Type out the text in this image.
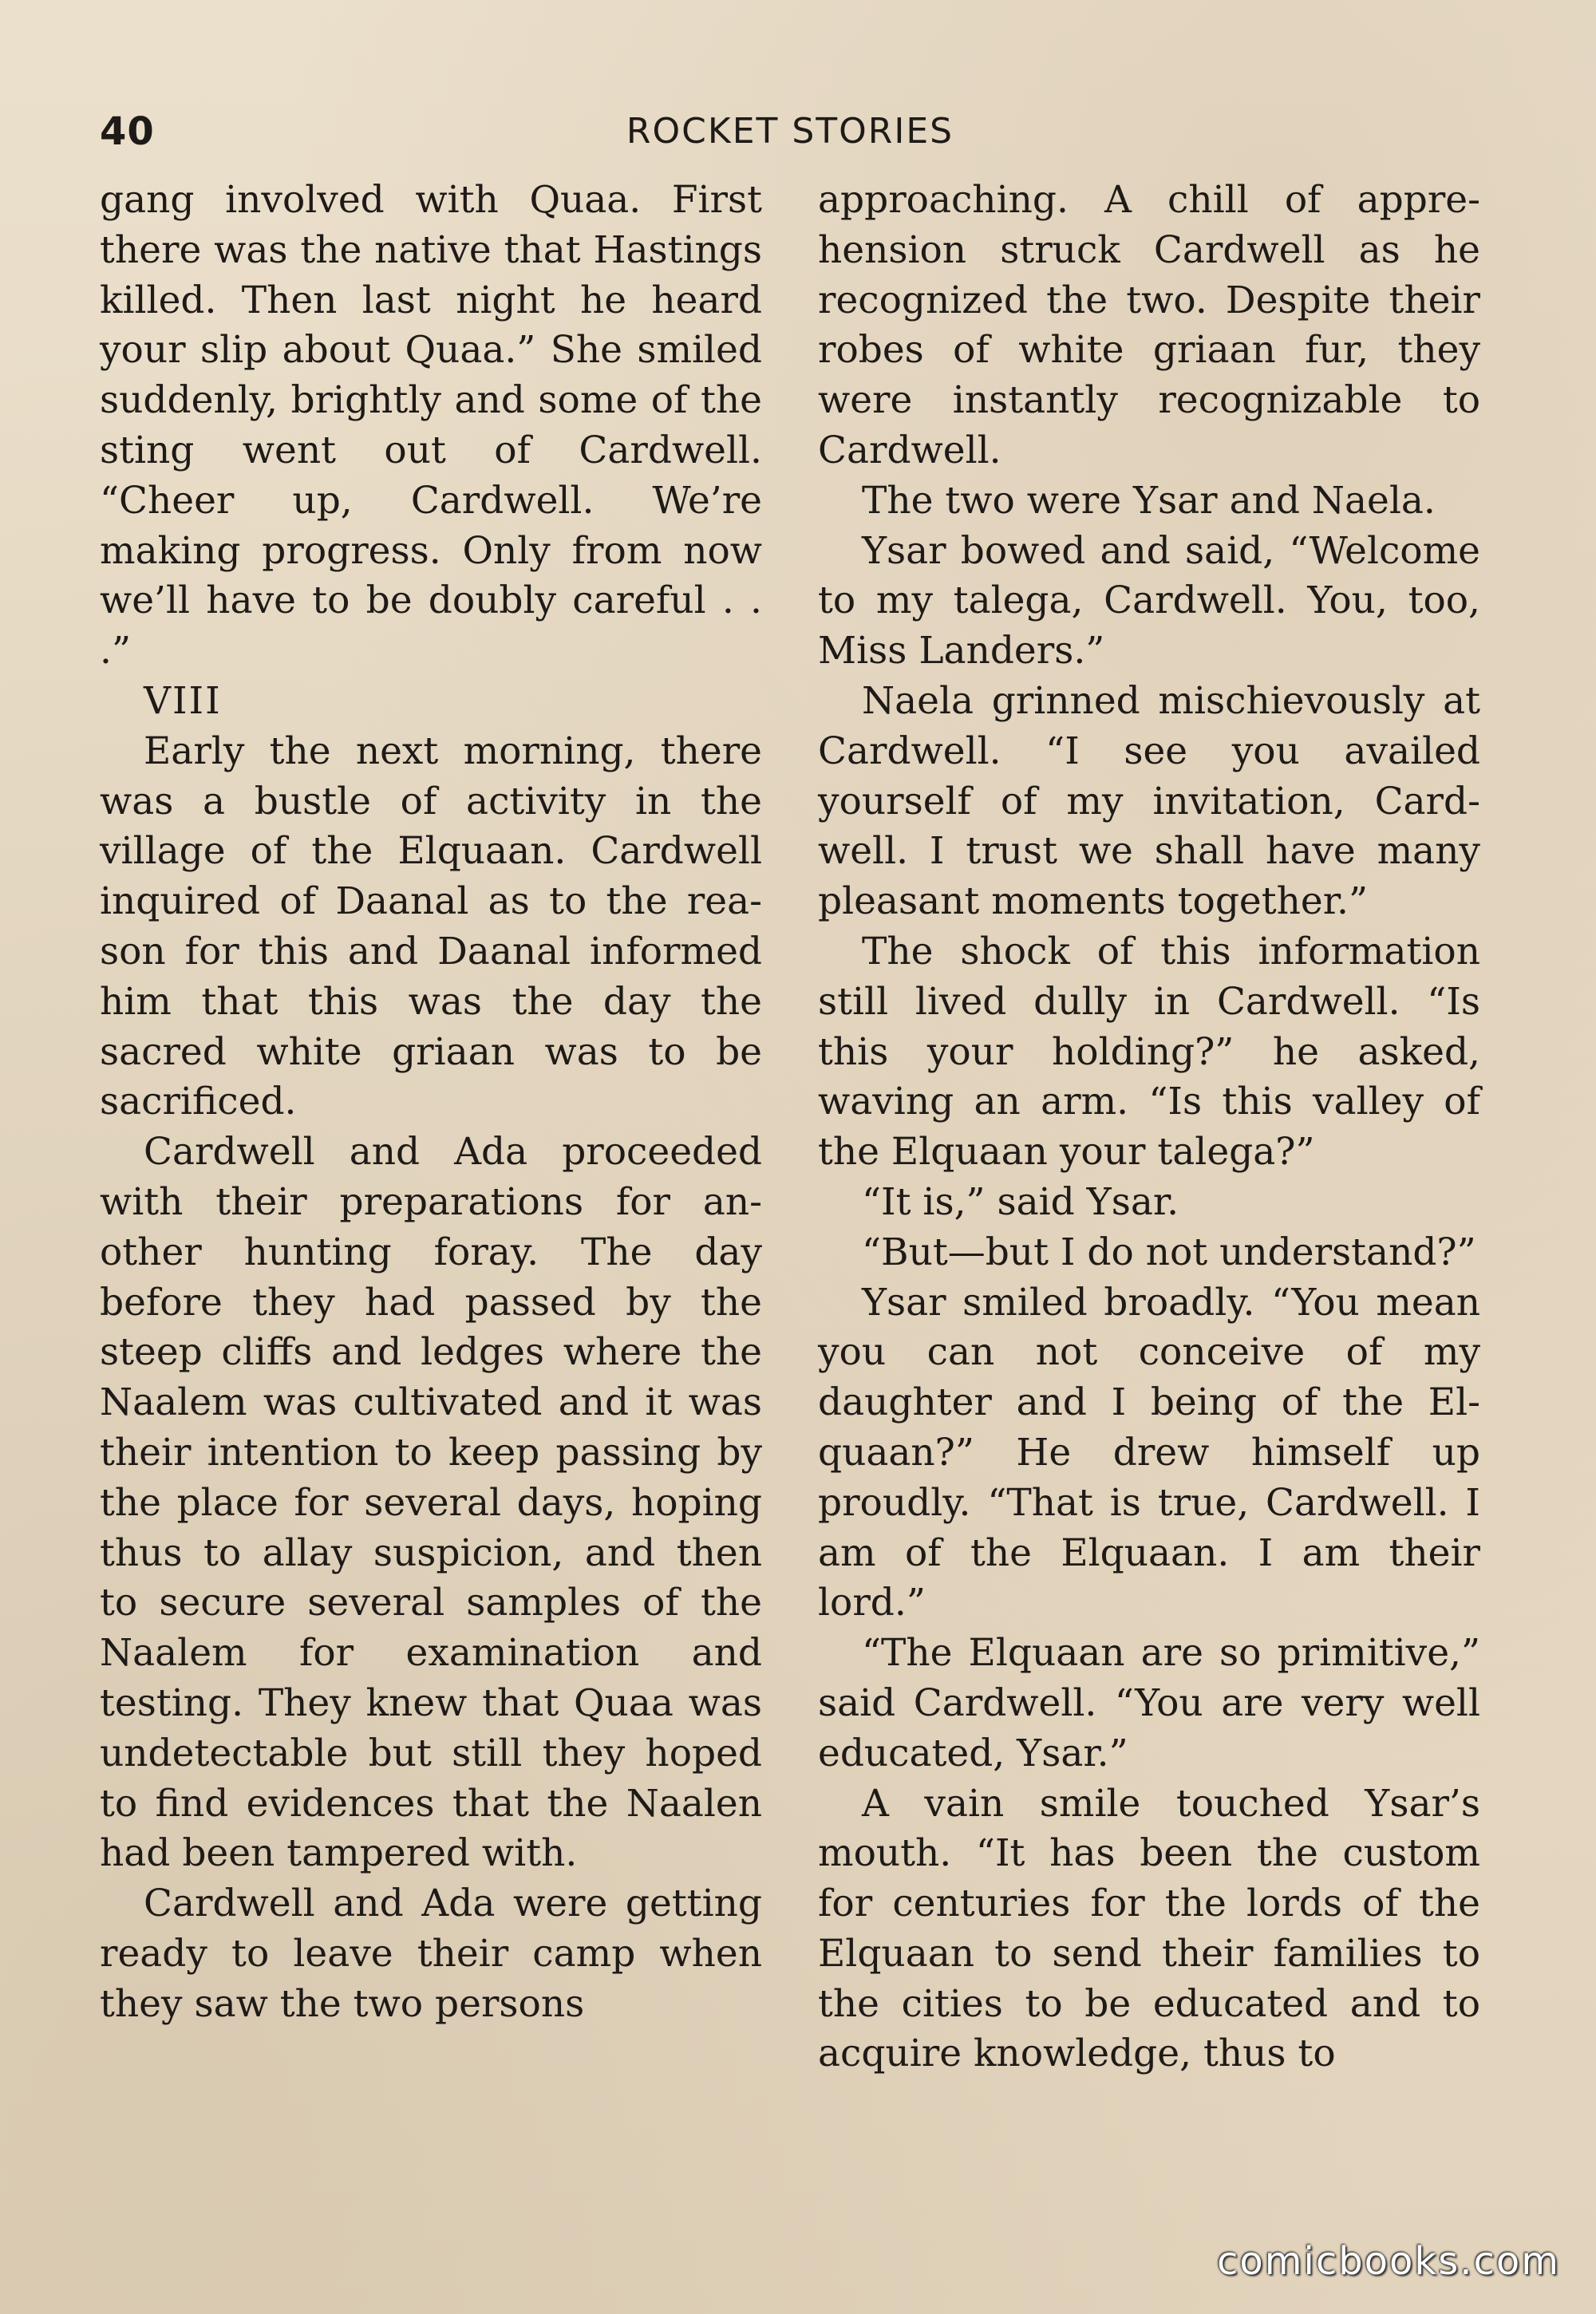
40	ROCKET STORIES

gang involved with Quaa. First there was the native that Hastings killed. Then last night he heard your slip about Quaa.” She smiled suddenly, brightly and some of the sting went out of Cardwell. “Cheer up, Cardwell. We’re making progress. Only from now we’ll have to be doubly careful . . .”

VIII

Early the next morning, there was a bustle of activity in the village of the Elquaan. Cardwell inquired of Daanal as to the reason for this and Daanal informed him that this was the day the sacred white griaan was to be sacrificed.

Cardwell and Ada proceeded with their preparations for another hunting foray. The day before they had passed by the steep cliffs and ledges where the Naalem was cultivated and it was their intention to keep passing by the place for several days, hoping thus to allay suspicion, and then to secure several samples of the Naalem for examination and testing. They knew that Quaa was undetectable but still they hoped to find evidences that the Naalen had been tampered with.

Cardwell and Ada were getting ready to leave their camp when they saw the two persons

approaching. A chill of apprehension struck Cardwell as he recognized the two. Despite their robes of white griaan fur, they were instantly recognizable to Cardwell.

The two were Ysar and Naela.

Ysar bowed and said, “Welcome to my talega, Cardwell. You, too, Miss Landers.”

Naela grinned mischievously at Cardwell. “I see you availed yourself of my invitation, Cardwell. I trust we shall have many pleasant moments together.”

The shock of this information still lived dully in Cardwell. “Is this your holding?” he asked, waving an arm. “Is this valley of the Elquaan your talega?”

“It is,” said Ysar.

“But—but I do not understand?”

Ysar smiled broadly. “You mean you can not conceive of my daughter and I being of the Elquaan?” He drew himself up proudly. “That is true, Cardwell. I am of the Elquaan. I am their lord.”

“The Elquaan are so primitive,” said Cardwell. “You are very well educated, Ysar.”

A vain smile touched Ysar’s mouth. “It has been the custom for centuries for the lords of the Elquaan to send their families to the cities to be educated and to acquire knowledge, thus to

comicbooks.com
